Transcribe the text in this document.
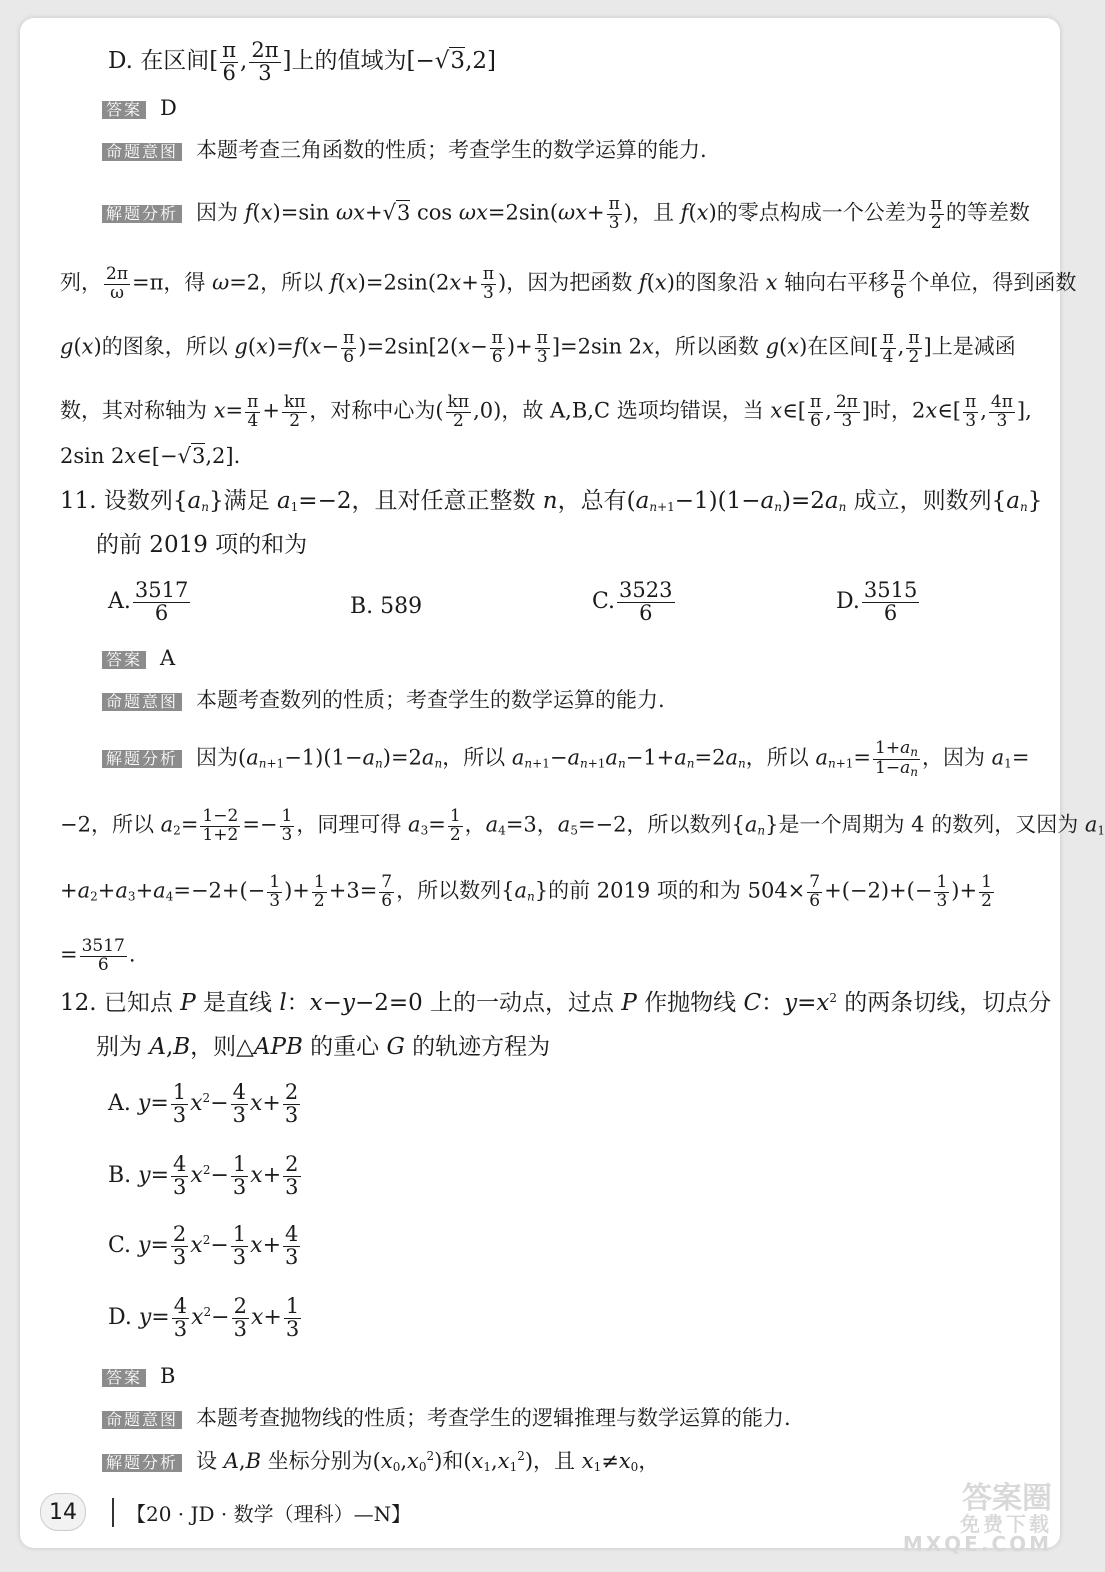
D. 在区间[ $\frac{\pi}{6}$ , $\frac{2\pi}{3}$ ]上的值域为[−√3,2]
答案 D
命题意图 本题考查三角函数的性质；考查学生的数学运算的能力.
解题分析 因为 f(x)=sin ωx+√3 $\cos \omega x=2\sin(\omega x+ \frac{\pi}{3}$ )，且 f(x)的零点构成一个公差为 $\frac{\pi}{2}$ 的等差数
列， $\frac{2\pi}{\omega} =\pi$，得 ω=2，所以 $f(x)=2\sin(2x+ \frac{\pi}{3}$ )，因为把函数 f(x)的图象沿 x 轴向右平移 $\frac{\pi}{6}$ 个单位，得到函数
g(x)的图象，所以 $g(x)=f(x- \frac{\pi}{6} )=2\sin[2(x- \frac{\pi}{6}$ )+ $\frac{\pi}{3} ]=2\sin$ 2x，所以函数 g(x)在区间[ $\frac{\pi}{4}$ , $\frac{\pi}{2}$ ]上是减函
数，其对称轴为 $x= \frac{\pi}{4} + \frac{k\pi}{2}$ ，对称中心为( $\frac{k\pi}{2} ,0$)，故 A,B,C 选项均错误，当 x∈[ $\frac{\pi}{6}$ , $\frac{2\pi}{3}$ ]时，2x∈[ $\frac{\pi}{3}$ , $\frac{4\pi}{3}$ ],
2sin 2x∈[−√3,2].
11. 设数列$\{a_n\}$满足 $a_1=-2$，且对任意正整数 n，总有$(a_{n+1}-1)(1-a_n)=2a_n$ 成立，则数列$\{a_n\}$
的前 2019 项的和为
A. $\frac{3517}{6}$	B. 589	C. $\frac{3523}{6}$	D. $\frac{3515}{6}$
答案 A
命题意图 本题考查数列的性质；考查学生的数学运算的能力.
解题分析 因为$(a_{n+1}-1)(1-a_n)=2a_n$，所以 $a_{n+1}-a_{n+1}a_n-1+a_n=2a_n$，所以 $a_{n+1}= \frac{1+a_n}{1-a_n}$ ，因为 $a_1=$
−2，所以 $a_2= \frac{1-2}{1+2} =- \frac{1}{3}$ ，同理可得 $a_3= \frac{1}{2}$ ，$a_4=3$，$a_5=-2$，所以数列$\{a_n\}$是一个周期为 4 的数列，又因为 $a_1$
$+a_2+a_3+a_4=-2+(- \frac{1}{3}$ )+ $\frac{1}{2} +3= \frac{7}{6}$ ，所以数列$\{a_n\}$的前 2019 项的和为 $504\times \frac{7}{6} +(-2)+(- \frac{1}{3}$ )+ $\frac{1}{2}$
= $\frac{3517}{6}$ .
12. 已知点 P 是直线 l：x−y−2=0 上的一动点，过点 P 作抛物线 C：$y=x^2$ 的两条切线，切点分
别为 A,B，则△APB 的重心 G 的轨迹方程为
A. $y= \frac{1}{3} x^2- \frac{4}{3} x+ \frac{2}{3}$
B. $y= \frac{4}{3} x^2- \frac{1}{3} x+ \frac{2}{3}$
C. $y= \frac{2}{3} x^2- \frac{1}{3} x+ \frac{4}{3}$
D. $y= \frac{4}{3} x^2- \frac{2}{3} x+ \frac{1}{3}$
答案 B
命题意图 本题考查抛物线的性质；考查学生的逻辑推理与数学运算的能力.
解题分析 设 A,B 坐标分别为$(x_0,x_0^2)$和$(x_1,x_1^2)$，且 $x_1\ne x_0$，
14	【20 · JD · 数学（理科）—N】	答案圈
免费下载
MXQE.COM
